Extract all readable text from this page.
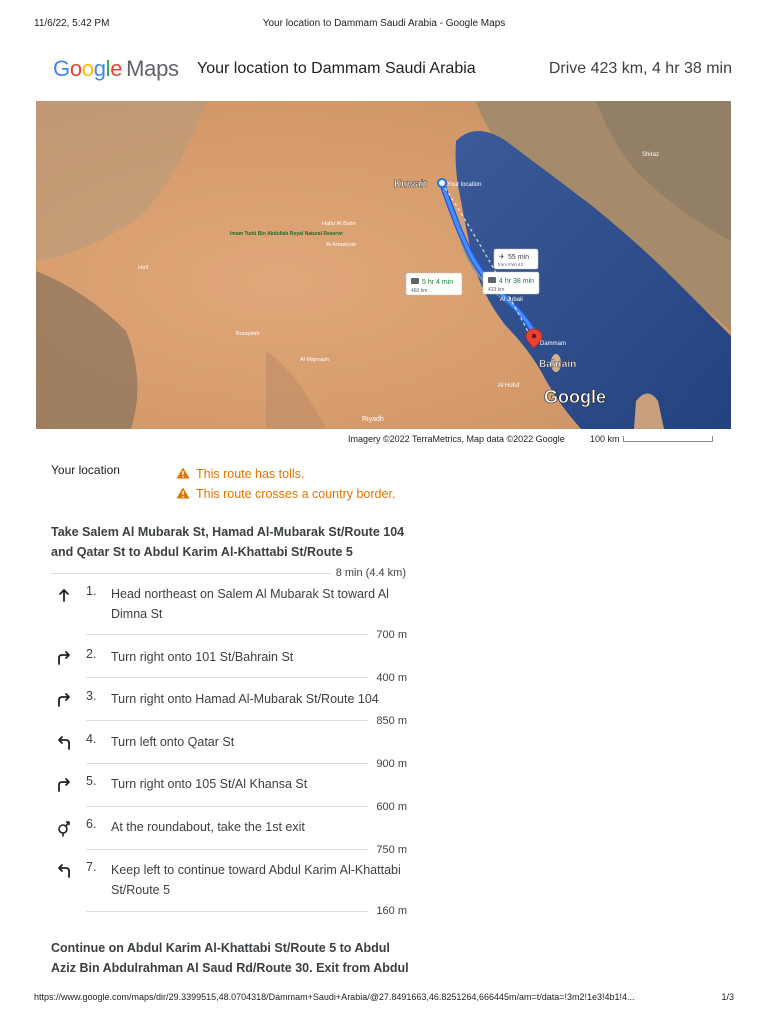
11/6/22, 5:42 PM	Your location to Dammam Saudi Arabia - Google Maps
Google Maps Your location to Dammam Saudi Arabia	Drive 423 km, 4 hr 38 min
✈ 55 min
from KWI 43
5 hr 4 min
460 km
4 hr 38 min
423 km
Kuwait	Your location
Dammam
Bahrain
Riyadh
Al Jubail
Hafar Al Batin
Al Artawiyah
Buraydah
Ha'il
Al Majmaah
Al Hofuf
Shiraz
Imam Turki Bin Abdullah Royal Natural Reserve
Google
Imagery ©2022 TerraMetrics, Map data ©2022 Google	100 km
Your location	This route has tolls.
This route crosses a country border.
Take Salem Al Mubarak St, Hamad Al-Mubarak St/Route 104 and Qatar St to Abdul Karim Al-Khattabi St/Route 5
8 min (4.4 km)
1. Head northeast on Salem Al Mubarak St toward Al Dimna St
700 m
2. Turn right onto 101 St/Bahrain St
400 m
3. Turn right onto Hamad Al-Mubarak St/Route 104
850 m
4. Turn left onto Qatar St
900 m
5. Turn right onto 105 St/Al Khansa St
600 m
6. At the roundabout, take the 1st exit
750 m
7. Keep left to continue toward Abdul Karim Al-Khattabi St/Route 5
160 m
Continue on Abdul Karim Al-Khattabi St/Route 5 to Abdul Aziz Bin Abdulrahman Al Saud Rd/Route 30. Exit from Abdul
https://www.google.com/maps/dir/29.3399515,48.0704318/Dammam+Saudi+Arabia/@27.8491663,46.8251264,666445m/am=t/data=!3m2!1e3!4b1!4...	1/3
